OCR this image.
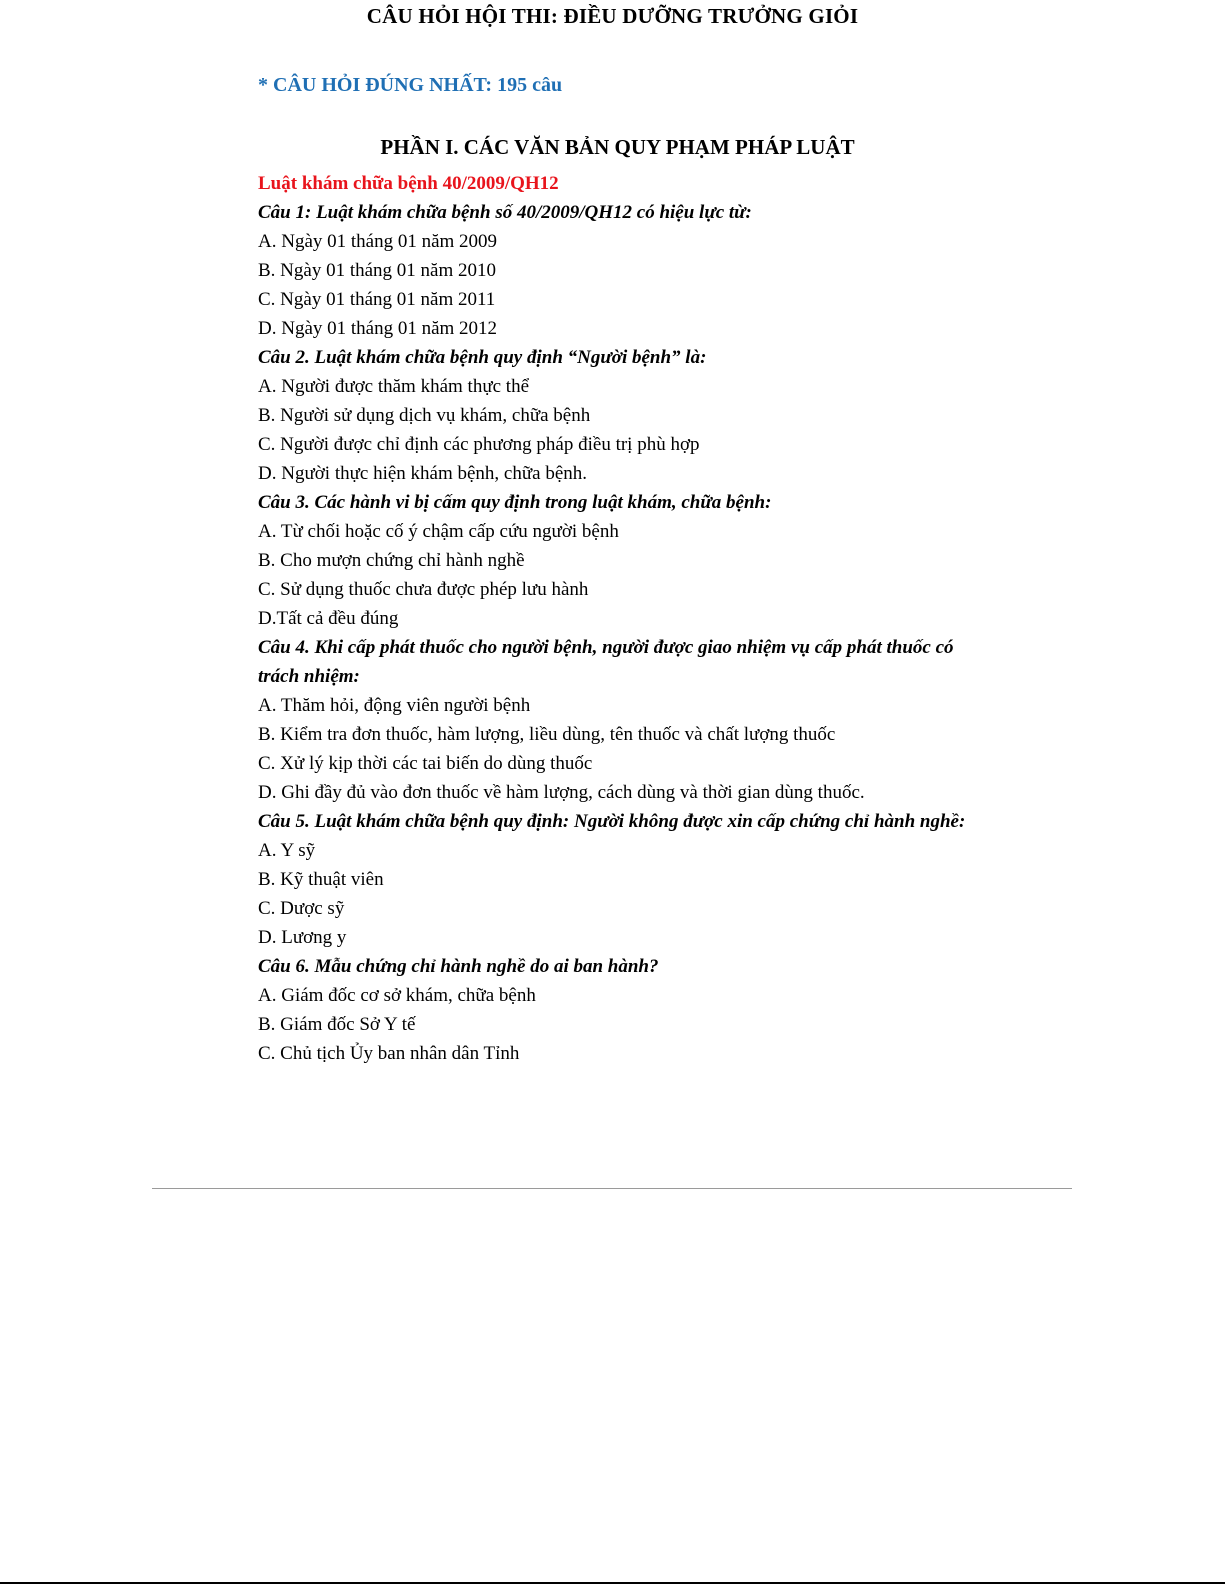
CÂU HỎI HỘI THI: ĐIỀU DƯỠNG TRƯỞNG GIỎI

* CÂU HỎI ĐÚNG NHẤT: 195 câu

PHẦN I. CÁC VĂN BẢN QUY PHẠM PHÁP LUẬT

Luật khám chữa bệnh 40/2009/QH12

Câu 1: Luật khám chữa bệnh số 40/2009/QH12 có hiệu lực từ:

A. Ngày 01 tháng 01 năm 2009

B. Ngày 01 tháng 01 năm 2010

C. Ngày 01 tháng 01 năm 2011

D. Ngày 01 tháng 01 năm 2012

Câu 2. Luật khám chữa bệnh quy định “Người bệnh” là:

A. Người được thăm khám thực thể

B. Người sử dụng dịch vụ khám, chữa bệnh

C. Người được chỉ định các phương pháp điều trị phù hợp

D. Người thực hiện khám bệnh, chữa bệnh.

Câu 3. Các hành vi bị cấm quy định trong luật khám, chữa bệnh:

A. Từ chối hoặc cố ý chậm cấp cứu người bệnh

B. Cho mượn chứng chỉ hành nghề

C. Sử dụng thuốc chưa được phép lưu hành

D.Tất cả đều đúng

Câu 4. Khi cấp phát thuốc cho người bệnh, người được giao nhiệm vụ cấp phát thuốc có trách nhiệm:

A. Thăm hỏi, động viên người bệnh

B. Kiểm tra đơn thuốc, hàm lượng, liều dùng, tên thuốc và chất lượng thuốc

C. Xử lý kịp thời các tai biến do dùng thuốc

D. Ghi đầy đủ vào đơn thuốc về hàm lượng, cách dùng và thời gian dùng thuốc.

Câu 5. Luật khám chữa bệnh quy định: Người không được xin cấp chứng chỉ hành nghề:

A. Y sỹ

B. Kỹ thuật viên

C. Dược sỹ

D. Lương y

Câu 6. Mẫu chứng chỉ hành nghề do ai ban hành?

A. Giám đốc cơ sở khám, chữa bệnh

B. Giám đốc Sở Y tế

C. Chủ tịch Ủy ban nhân dân Tỉnh
